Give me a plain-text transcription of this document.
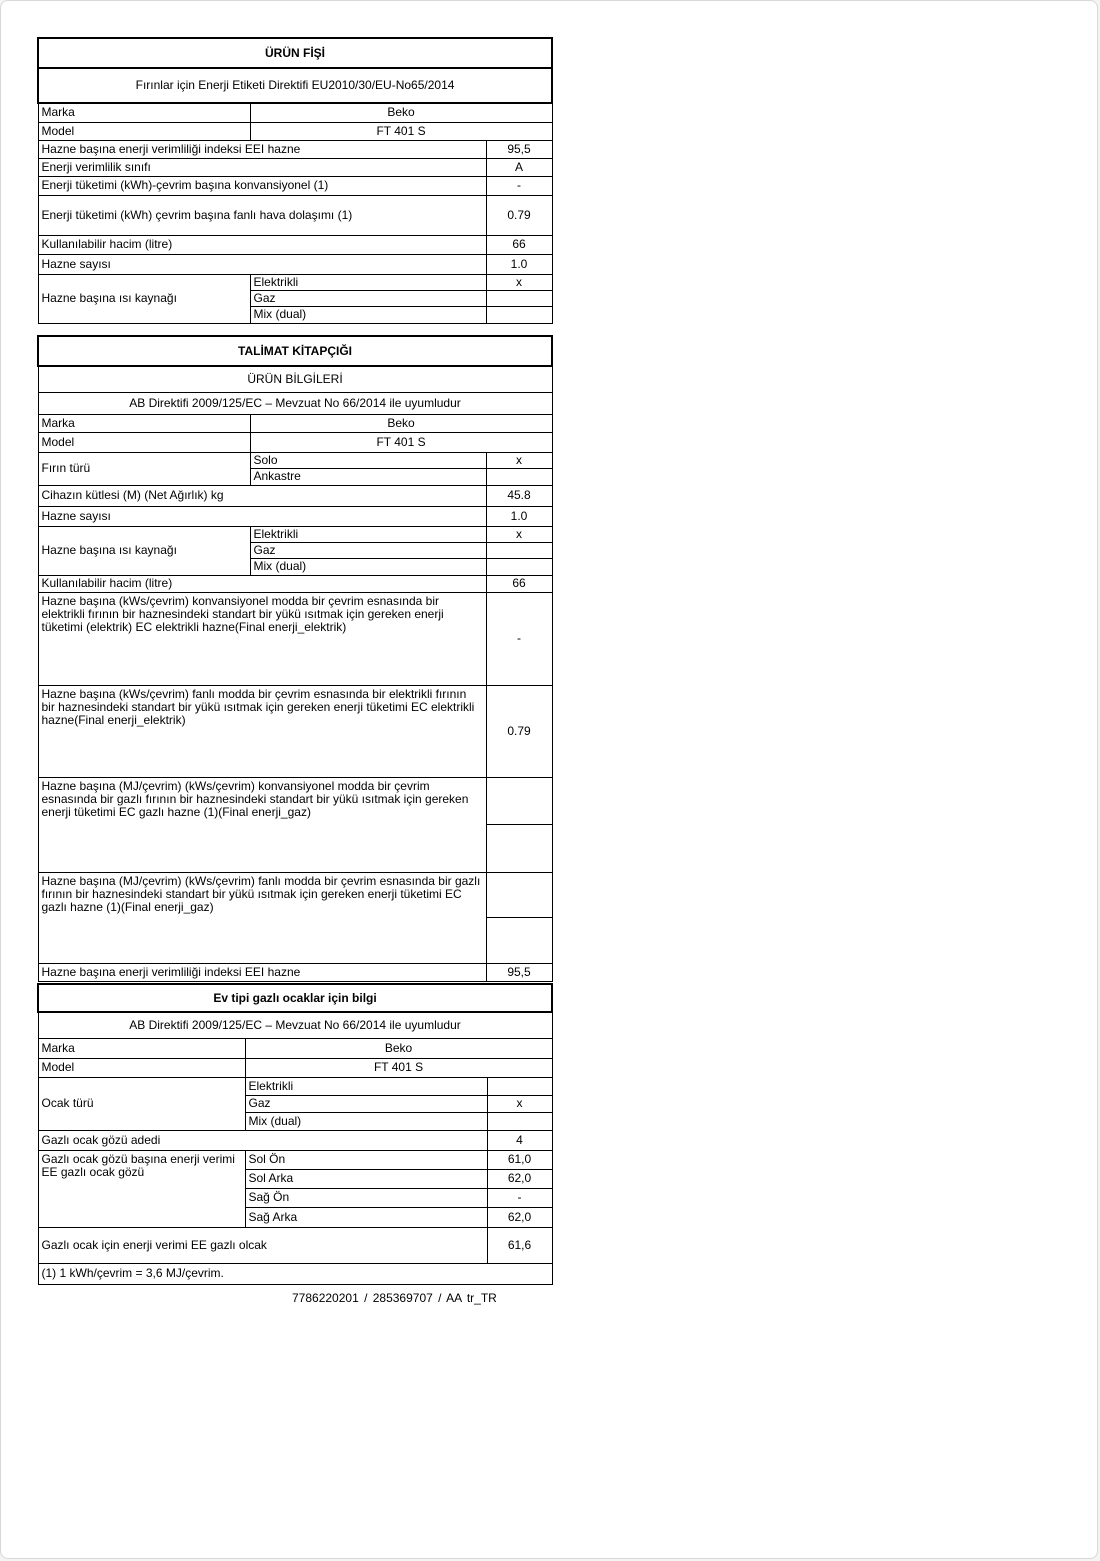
ÜRÜN FİŞİ		
Fırınlar için Enerji Etiketi Direktifi EU2010/30/EU-No65/2014		
Marka	Beko	
Model	FT 401 S	
Hazne başına enerji verimliliği indeksi EEI hazne		95,5
Enerji verimlilik sınıfı		A
Enerji tüketimi (kWh)-çevrim başına konvansiyonel (1)		-
Enerji tüketimi (kWh) çevrim başına fanlı hava dolaşımı (1)		0.79
Kullanılabilir hacim (litre)		66
Hazne sayısı		1.0
Hazne başına ısı kaynağı	Elektrikli	x
	Gaz	
	Mix (dual)	
TALİMAT KİTAPÇIĞI		
ÜRÜN BİLGİLERİ		
AB Direktifi 2009/125/EC – Mevzuat No 66/2014 ile uyumludur		
Marka	Beko	
Model	FT 401 S	
Fırın türü	Solo	x
	Ankastre	
Cihazın kütlesi (M) (Net Ağırlık) kg		45.8
Hazne sayısı		1.0
Hazne başına ısı kaynağı	Elektrikli	x
	Gaz	
	Mix (dual)	
Kullanılabilir hacim (litre)		66
Hazne başına (kWs/çevrim) konvansiyonel modda bir çevrim esnasında bir elektrikli fırının bir haznesindeki standart bir yükü ısıtmak için gereken enerji tüketimi (elektrik) EC elektrikli hazne(Final enerji_elektrik)		-
Hazne başına (kWs/çevrim) fanlı modda bir çevrim esnasında bir elektrikli fırının bir haznesindeki standart bir yükü ısıtmak için gereken enerji tüketimi EC elektrikli hazne(Final enerji_elektrik)		0.79
Hazne başına (MJ/çevrim) (kWs/çevrim) konvansiyonel modda bir çevrim esnasında bir gazlı fırının bir haznesindeki standart bir yükü ısıtmak için gereken enerji tüketimi EC gazlı hazne (1)(Final enerji_gaz)		

Hazne başına (MJ/çevrim) (kWs/çevrim) fanlı modda bir çevrim esnasında bir gazlı fırının bir haznesindeki standart bir yükü ısıtmak için gereken enerji tüketimi EC gazlı hazne (1)(Final enerji_gaz)		

Hazne başına enerji verimliliği indeksi EEI hazne		95,5
Ev tipi gazlı ocaklar için bilgi		
AB Direktifi 2009/125/EC – Mevzuat No 66/2014 ile uyumludur		
Marka	Beko	
Model	FT 401 S	
Ocak türü	Elektrikli	
	Gaz	x
	Mix (dual)	
Gazlı ocak gözü adedi		4
Gazlı ocak gözü başına enerji verimi EE gazlı ocak gözü	Sol Ön	61,0
	Sol Arka	62,0
	Sağ Ön	-
	Sağ Arka	62,0
Gazlı ocak için enerji verimi EE gazlı olcak		61,6
(1) 1 kWh/çevrim = 3,6 MJ/çevrim.		
7786220201 / 285369707 / AA tr_TR
